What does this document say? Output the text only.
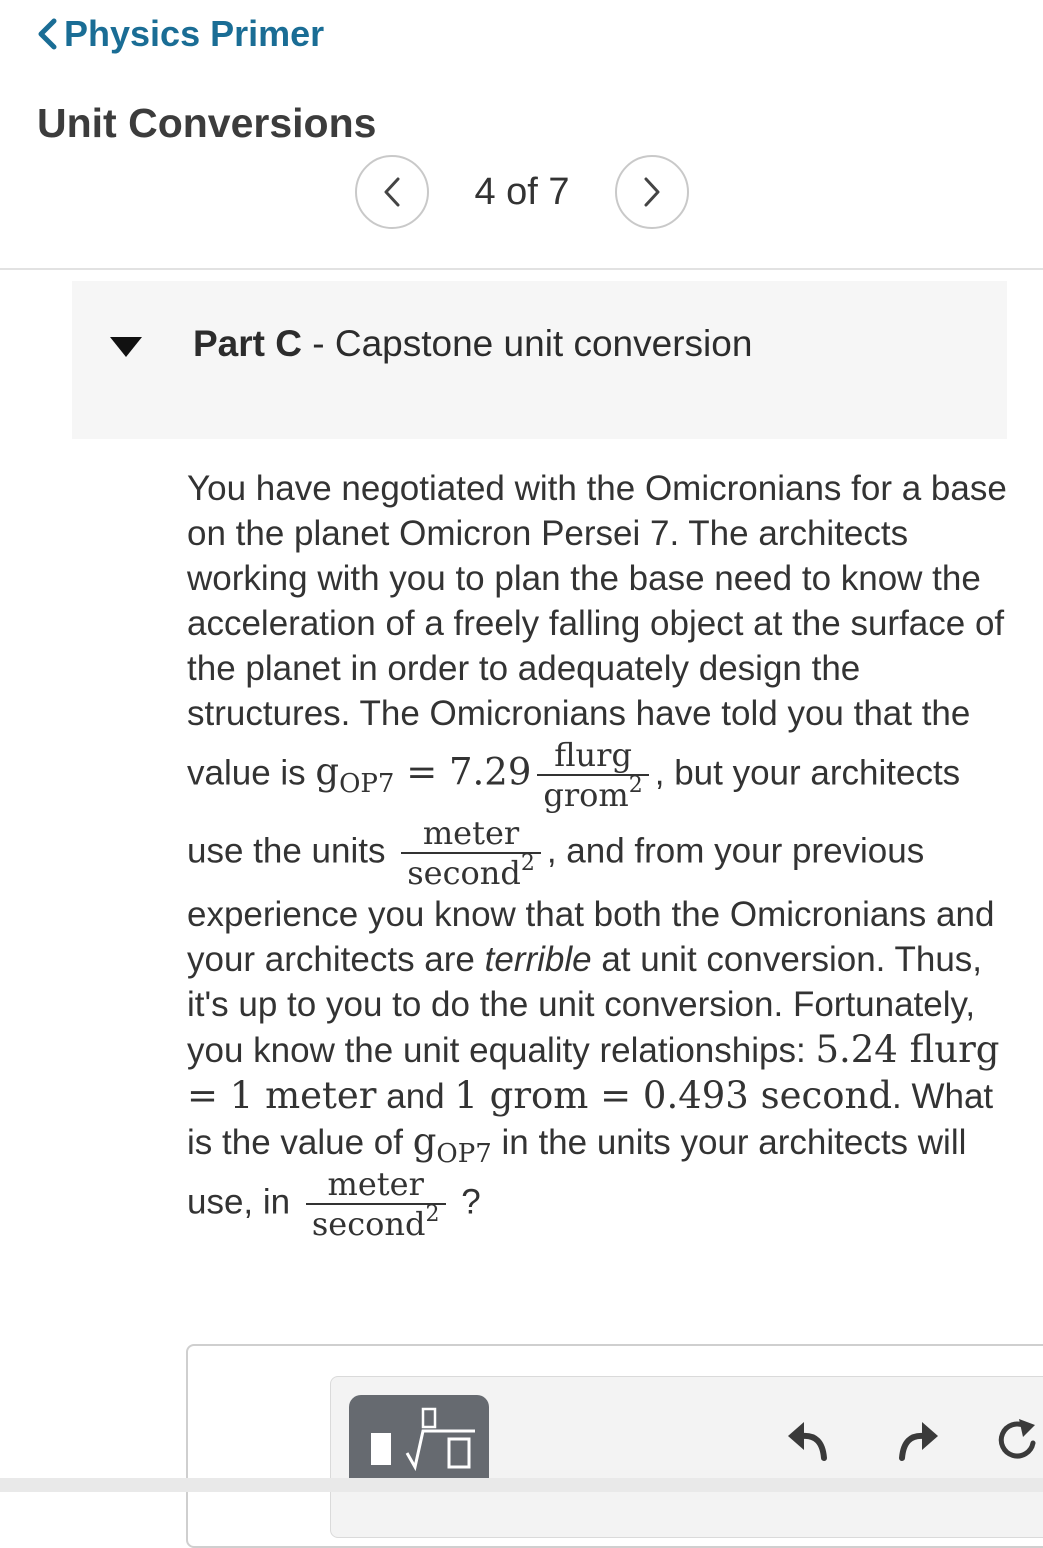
Physics Primer
Unit Conversions
4 of 7
Part C - Capstone unit conversion

You have negotiated with the Omicronians for a base on the planet Omicron Persei 7. The architects working with you to plan the base need to know the acceleration of a freely falling object at the surface of the planet in order to adequately design the structures. The Omicronians have told you that the value is $g_{OP7} = 7.29 \frac{\text{flurg}}{grom^2}$ , but your architects use the units $\frac{\text{meter}}{second^2}$ , and from your previous experience you know that both the Omicronians and your architects are terrible at unit conversion. Thus, it's up to you to do the unit conversion. Fortunately, you know the unit equality relationships: 5.24 flurg = 1 meter and 1 grom = 0.493 second. What is the value of $g_{OP7}$ in the units your architects will use, in $\frac{\text{meter}}{second^2}$ ?
